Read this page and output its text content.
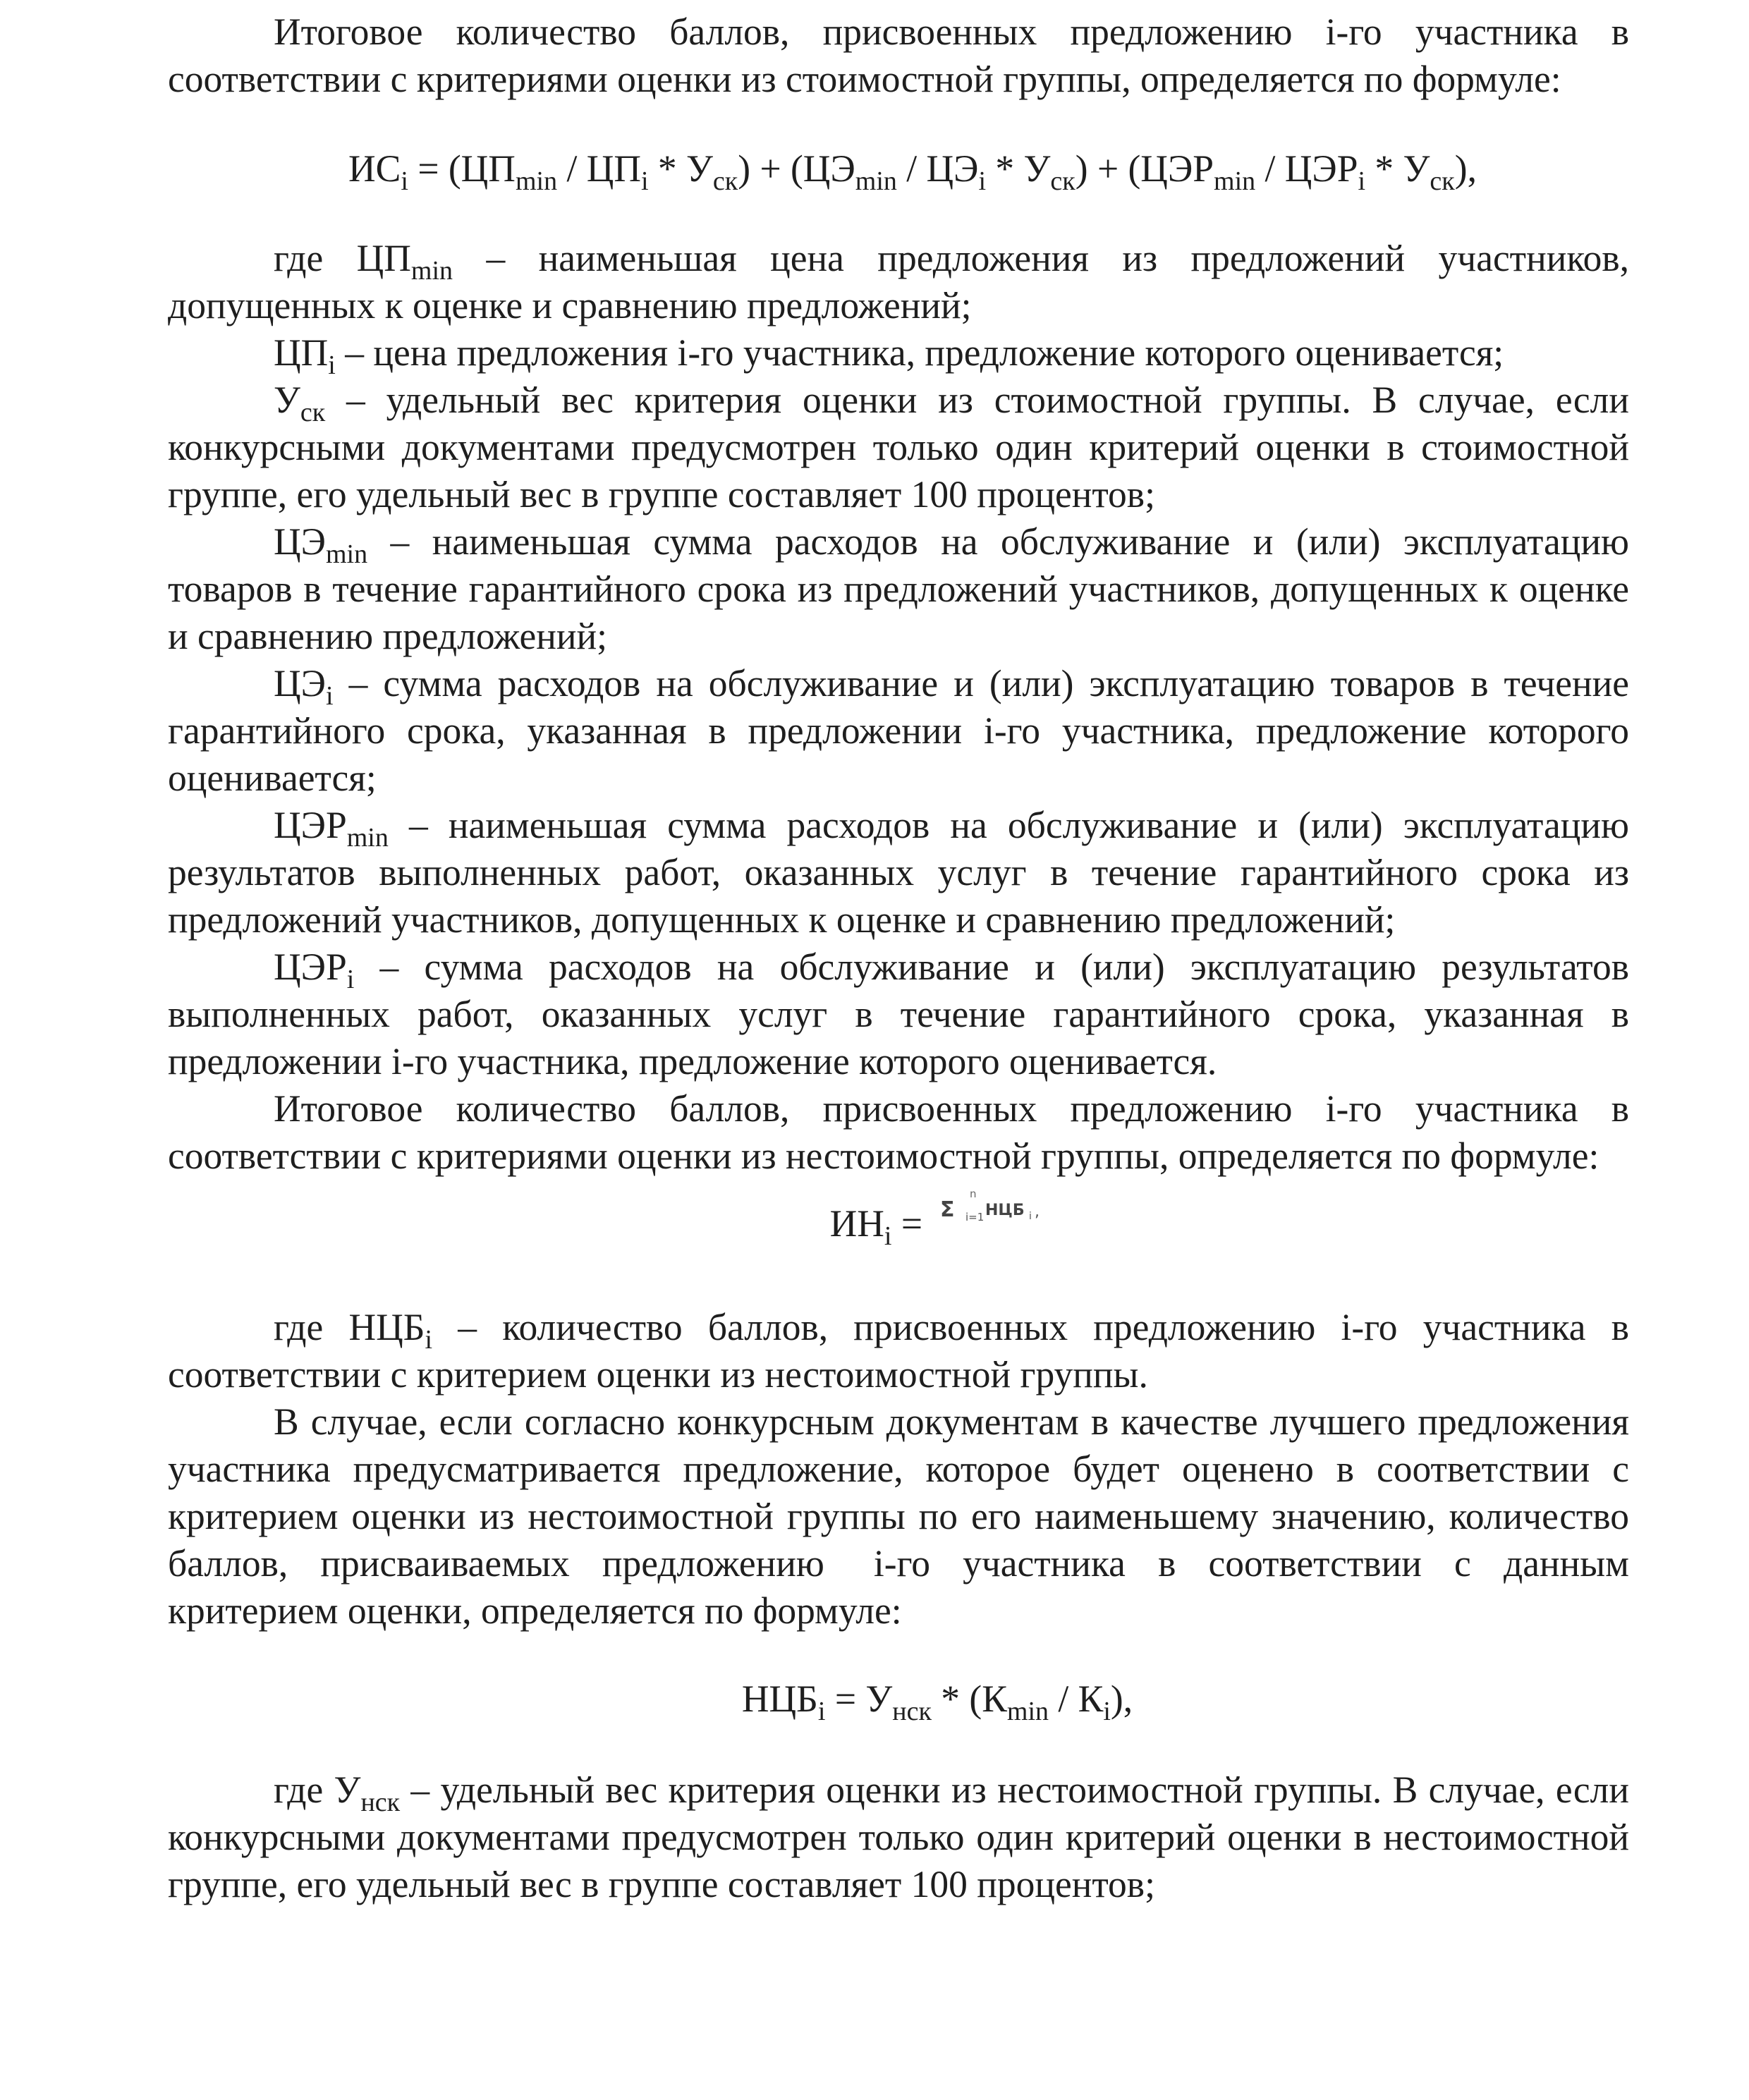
Итоговое количество баллов, присвоенных предложению i-го участника в соответствии с критериями оценки из стоимостной группы, определяется по формуле:

$ИС_i = (ЦП_{min} / ЦП_i * У_{ск}) + (ЦЭ_{min} / ЦЭ_i * У_{ск}) + (ЦЭР_{min} / ЦЭР_i * У_{ск})$,

где $ЦП_{min}$ – наименьшая цена предложения из предложений участников, допущенных к оценке и сравнению предложений;

$ЦП_i$ – цена предложения i-го участника, предложение которого оценивается;

$У_{ск}$ – удельный вес критерия оценки из стоимостной группы. В случае, если конкурсными документами предусмотрен только один критерий оценки в стоимостной группе, его удельный вес в группе составляет 100 процентов;

$ЦЭ_{min}$ – наименьшая сумма расходов на обслуживание и (или) эксплуатацию товаров в течение гарантийного срока из предложений участников, допущенных к оценке и сравнению предложений;

$ЦЭ_i$ – сумма расходов на обслуживание и (или) эксплуатацию товаров в течение гарантийного срока, указанная в предложении i-го участника, предложение которого оценивается;

$ЦЭР_{min}$ – наименьшая сумма расходов на обслуживание и (или) эксплуатацию результатов выполненных работ, оказанных услуг в течение гарантийного срока из предложений участников, допущенных к оценке и сравнению предложений;

$ЦЭР_i$ – сумма расходов на обслуживание и (или) эксплуатацию результатов выполненных работ, оказанных услуг в течение гарантийного срока, указанная в предложении i-го участника, предложение которого оценивается.

Итоговое количество баллов, присвоенных предложению i-го участника в соответствии с критериями оценки из нестоимостной группы, определяется по формуле:

$ИН_i = \Sigma$
n
i=1 НЦБ i ,

где $НЦБ_i$ – количество баллов, присвоенных предложению i-го участника в соответствии с критерием оценки из нестоимостной группы.

В случае, если согласно конкурсным документам в качестве лучшего предложения участника предусматривается предложение, которое будет оценено в соответствии с критерием оценки из нестоимостной группы по его наименьшему значению, количество баллов, присваиваемых предложению i-го участника в соответствии с данным критерием оценки, определяется по формуле:

$НЦБ_i = У_{нск} * (К_{min} / К_i)$,

где $У_{нск}$ – удельный вес критерия оценки из нестоимостной группы. В случае, если конкурсными документами предусмотрен только один критерий оценки в нестоимостной группе, его удельный вес в группе составляет 100 процентов;
